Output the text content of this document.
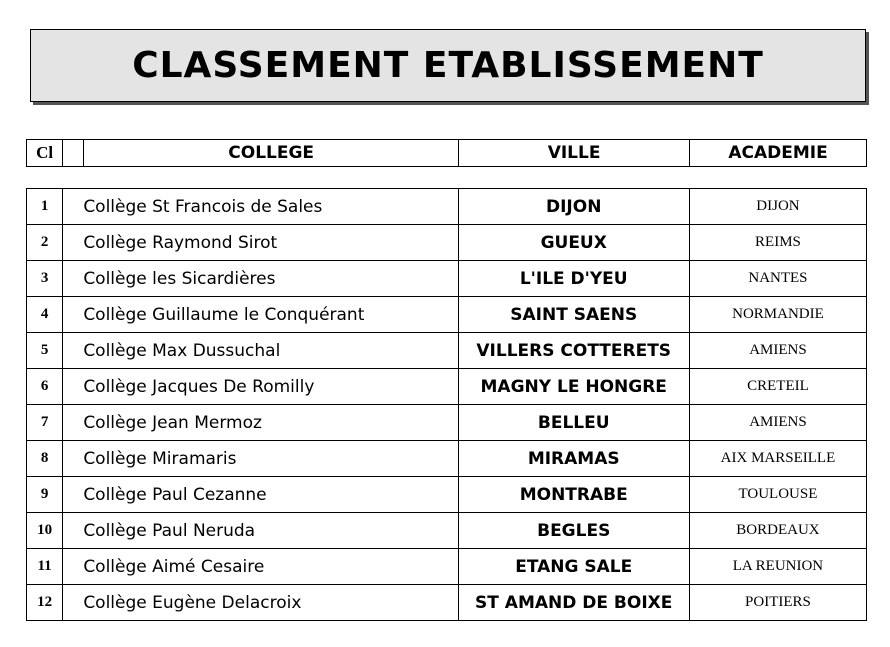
CLASSEMENT ETABLISSEMENT
Cl		COLLEGE	VILLE	ACADEMIE
1		Collège St Francois de Sales	DIJON	DIJON
2		Collège Raymond Sirot	GUEUX	REIMS
3		Collège les Sicardières	L'ILE D'YEU	NANTES
4		Collège Guillaume le Conquérant	SAINT SAENS	NORMANDIE
5		Collège Max Dussuchal	VILLERS COTTERETS	AMIENS
6		Collège Jacques De Romilly	MAGNY LE HONGRE	CRETEIL
7		Collège Jean Mermoz	BELLEU	AMIENS
8		Collège Miramaris	MIRAMAS	AIX MARSEILLE
9		Collège Paul Cezanne	MONTRABE	TOULOUSE
10		Collège Paul Neruda	BEGLES	BORDEAUX
11		Collège Aimé Cesaire	ETANG SALE	LA REUNION
12		Collège Eugène Delacroix	ST AMAND DE BOIXE	POITIERS
